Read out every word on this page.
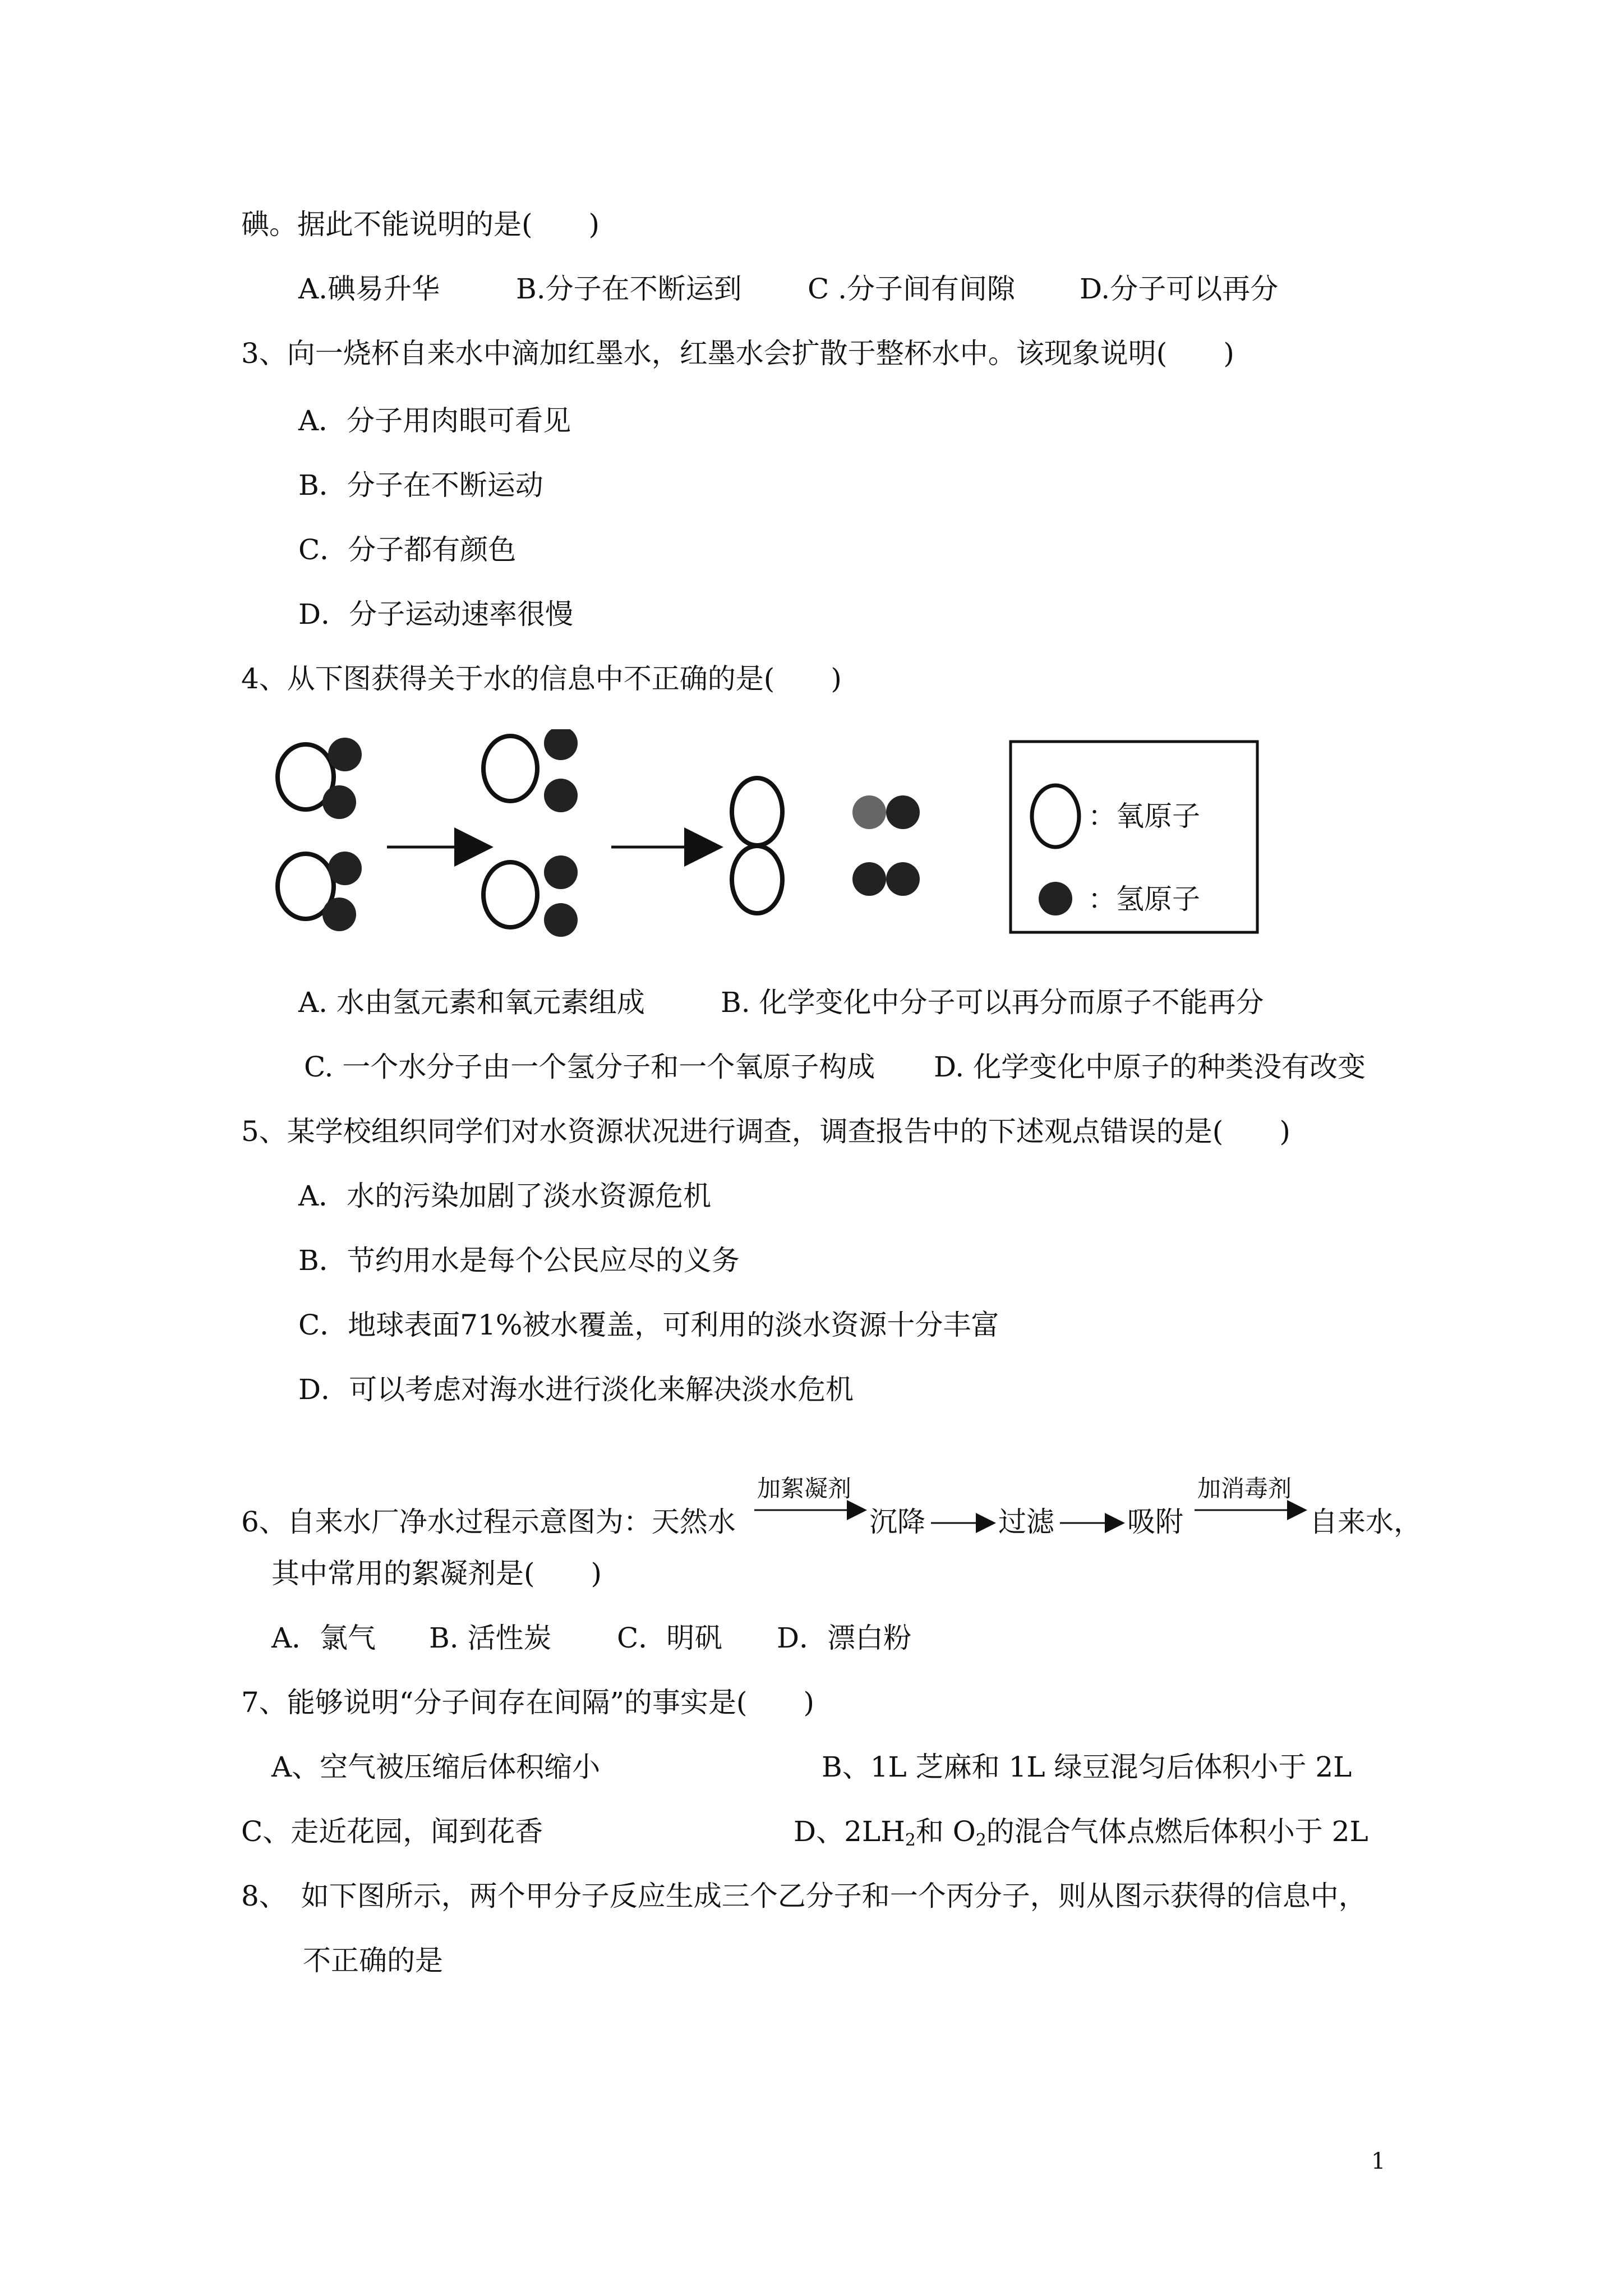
碘。据此不能说明的是(　　)
A.碘易升华	B.分子在不断运到 C .分子间有间隙 D.分子可以再分
3、向一烧杯自来水中滴加红墨水，红墨水会扩散于整杯水中。该现象说明(　　)
A．分子用肉眼可看见
B．分子在不断运动
C．分子都有颜色
D．分子运动速率很慢
4、从下图获得关于水的信息中不正确的是(　　)
：氧原子
：氢原子
A. 水由氢元素和氧元素组成	B. 化学变化中分子可以再分而原子不能再分
C. 一个水分子由一个氢分子和一个氧原子构成 D. 化学变化中原子的种类没有改变
5、某学校组织同学们对水资源状况进行调查，调查报告中的下述观点错误的是(　　)
A．水的污染加剧了淡水资源危机
B．节约用水是每个公民应尽的义务
C．地球表面71%被水覆盖，可利用的淡水资源十分丰富
D．可以考虑对海水进行淡化来解决淡水危机
6、自来水厂净水过程示意图为：天然水
加絮凝剂
沉降	过滤	吸附
加消毒剂
自来水，
其中常用的絮凝剂是(　　)
A．氯气 B. 活性炭 C．明矾 D．漂白粉
7、能够说明“分子间存在间隔”的事实是(　　)
A、空气被压缩后体积缩小	B、1L 芝麻和 1L 绿豆混匀后体积小于 2L
C、走近花园，闻到花香	D、$2LH_2$和 $O_2$的混合气体点燃后体积小于 2L
8、　如下图所示，两个甲分子反应生成三个乙分子和一个丙分子，则从图示获得的信息中，
不正确的是
1
